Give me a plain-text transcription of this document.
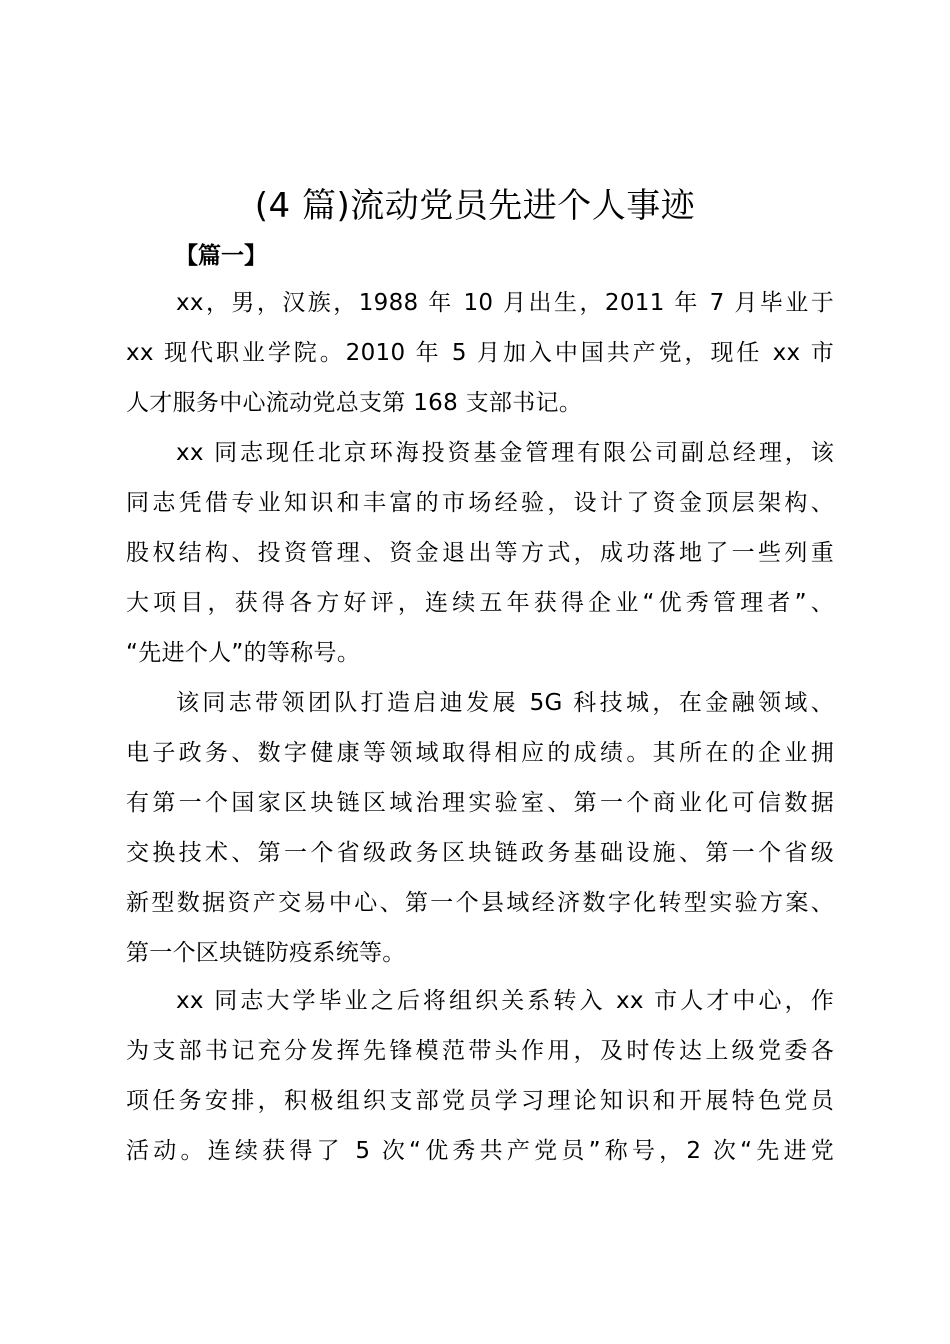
(4 篇)流动党员先进个人事迹
【篇一】
xx，男，汉族，1988 年 10 月出生，2011 年 7 月毕业于
xx 现代职业学院。2010 年 5 月加入中国共产党，现任 xx 市
人才服务中心流动党总支第 168 支部书记。
xx 同志现任北京环海投资基金管理有限公司副总经理，该
同志凭借专业知识和丰富的市场经验，设计了资金顶层架构、
股权结构、投资管理、资金退出等方式，成功落地了一些列重
大项目，获得各方好评，连续五年获得企业“优秀管理者”、
“先进个人”的等称号。
该同志带领团队打造启迪发展 5G 科技城，在金融领域、
电子政务、数字健康等领域取得相应的成绩。其所在的企业拥
有第一个国家区块链区域治理实验室、第一个商业化可信数据
交换技术、第一个省级政务区块链政务基础设施、第一个省级
新型数据资产交易中心、第一个县域经济数字化转型实验方案、
第一个区块链防疫系统等。
xx 同志大学毕业之后将组织关系转入 xx 市人才中心，作
为支部书记充分发挥先锋模范带头作用，及时传达上级党委各
项任务安排，积极组织支部党员学习理论知识和开展特色党员
活动。连续获得了 5 次“优秀共产党员”称号，2 次“先进党
